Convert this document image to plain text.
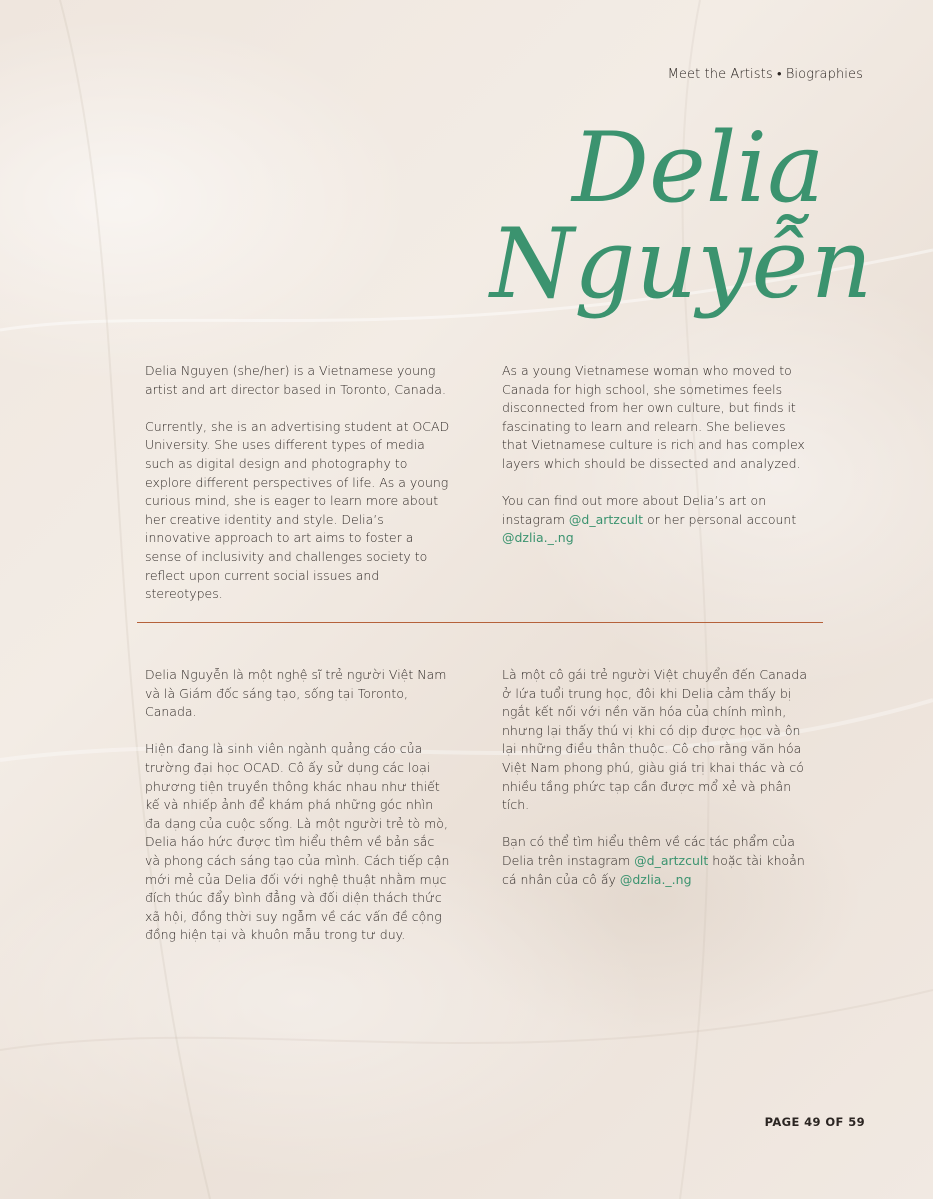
Meet the Artists • Biographies
Delia
Nguyễn

Delia Nguyen (she/her) is a Vietnamese young artist and art director based in Toronto, Canada.

Currently, she is an advertising student at OCAD University. She uses different types of media such as digital design and photography to explore different perspectives of life. As a young curious mind, she is eager to learn more about her creative identity and style. Delia’s innovative approach to art aims to foster a sense of inclusivity and challenges society to reflect upon current social issues and stereotypes.

As a young Vietnamese woman who moved to Canada for high school, she sometimes feels disconnected from her own culture, but finds it fascinating to learn and relearn. She believes that Vietnamese culture is rich and has complex layers which should be dissected and analyzed.

You can find out more about Delia’s art on instagram @d_artzcult or her personal account @dzlia._.ng

Delia Nguyễn là một nghệ sĩ trẻ người Việt Nam và là Giám đốc sáng tạo, sống tại Toronto, Canada.

Hiện đang là sinh viên ngành quảng cáo của trường đại học OCAD. Cô ấy sử dụng các loại phương tiện truyền thông khác nhau như thiết kế và nhiếp ảnh để khám phá những góc nhìn đa dạng của cuộc sống. Là một người trẻ tò mò, Delia háo hức được tìm hiểu thêm về bản sắc và phong cách sáng tạo của mình. Cách tiếp cận mới mẻ của Delia đối với nghệ thuật nhằm mục đích thúc đẩy bình đẳng và đối diện thách thức xã hội, đồng thời suy ngẫm về các vấn đề cộng đồng hiện tại và khuôn mẫu trong tư duy.

Là một cô gái trẻ người Việt chuyển đến Canada ở lứa tuổi trung học, đôi khi Delia cảm thấy bị ngắt kết nối với nền văn hóa của chính mình, nhưng lại thấy thú vị khi có dịp được học và ôn lại những điều thân thuộc. Cô cho rằng văn hóa Việt Nam phong phú, giàu giá trị khai thác và có nhiều tầng phức tạp cần được mổ xẻ và phân tích.

Bạn có thể tìm hiểu thêm về các tác phẩm của Delia trên instagram @d_artzcult hoặc tài khoản cá nhân của cô ấy @dzlia._.ng

PAGE 49 OF 59
